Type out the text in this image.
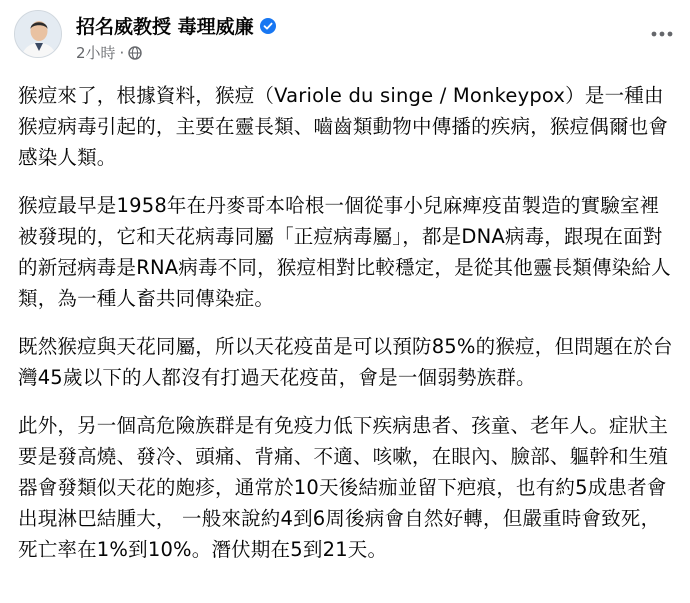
招名威教授 毒理威廉
2小時 ·

猴痘來了，根據資料，猴痘（Variole du singe / Monkeypox）是一種由猴痘病毒引起的，主要在靈長類、嚙齒類動物中傳播的疾病，猴痘偶爾也會感染人類。

猴痘最早是1958年在丹麥哥本哈根一個從事小兒麻痺疫苗製造的實驗室裡被發現的，它和天花病毒同屬「正痘病毒屬」，都是DNA病毒，跟現在面對的新冠病毒是RNA病毒不同，猴痘相對比較穩定，是從其他靈長類傳染給人類，為一種人畜共同傳染症。

既然猴痘與天花同屬，所以天花疫苗是可以預防85%的猴痘，但問題在於台灣45歲以下的人都沒有打過天花疫苗，會是一個弱勢族群。

此外，另一個高危險族群是有免疫力低下疾病患者、孩童、老年人。症狀主要是發高燒、發冷、頭痛、背痛、不適、咳嗽，在眼內、臉部、軀幹和生殖器會發類似天花的皰疹，通常於10天後結痂並留下疤痕，也有約5成患者會出現淋巴結腫大， 一般來說約4到6周後病會自然好轉，但嚴重時會致死，死亡率在1%到10%。潛伏期在5到21天。
